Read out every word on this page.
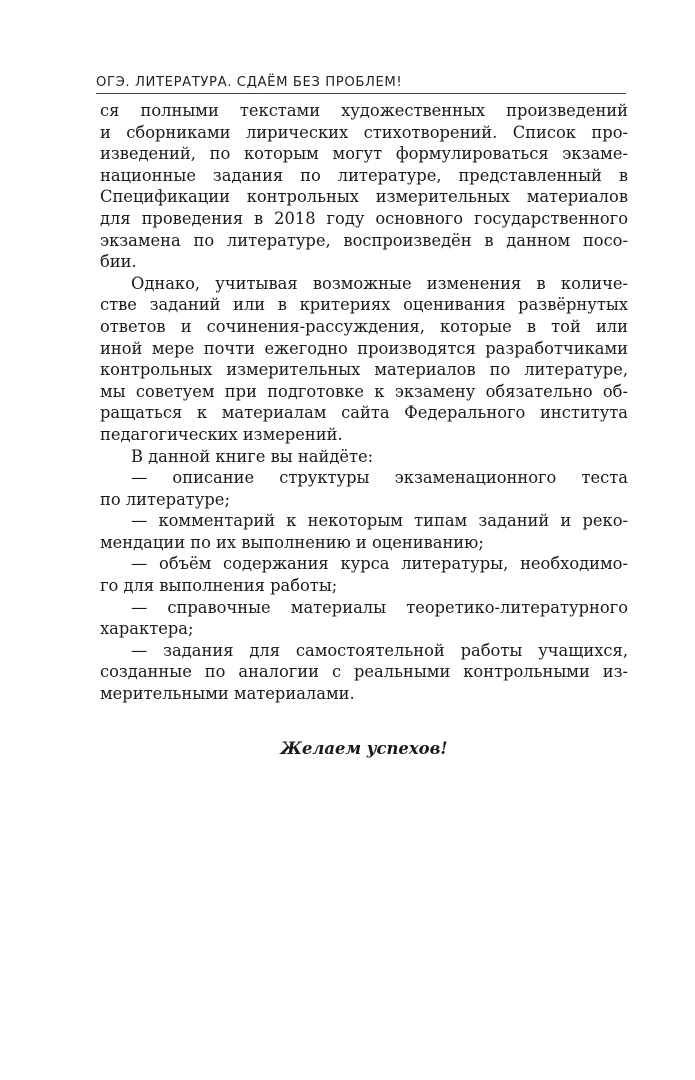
ОГЭ. ЛИТЕРАТУРА. СДАЁМ БЕЗ ПРОБЛЕМ!
ся полными текстами художественных произведений
и сборниками лирических стихотворений. Список про-
изведений, по которым могут формулироваться экзаме-
национные задания по литературе, представленный в
Спецификации контрольных измерительных материалов
для проведения в 2018 году основного государственного
экзамена по литературе, воспроизведён в данном посо-
бии.
Однако, учитывая возможные изменения в количе-
стве заданий или в критериях оценивания развёрнутых
ответов и сочинения-рассуждения, которые в той или
иной мере почти ежегодно производятся разработчиками
контрольных измерительных материалов по литературе,
мы советуем при подготовке к экзамену обязательно об-
ращаться к материалам сайта Федерального института
педагогических измерений.
В данной книге вы найдёте:
— описание структуры экзаменационного теста
по литературе;
— комментарий к некоторым типам заданий и реко-
мендации по их выполнению и оцениванию;
— объём содержания курса литературы, необходимо-
го для выполнения работы;
— справочные материалы теоретико-литературного
характера;
— задания для самостоятельной работы учащихся,
созданные по аналогии с реальными контрольными из-
мерительными материалами.
Желаем успехов!
